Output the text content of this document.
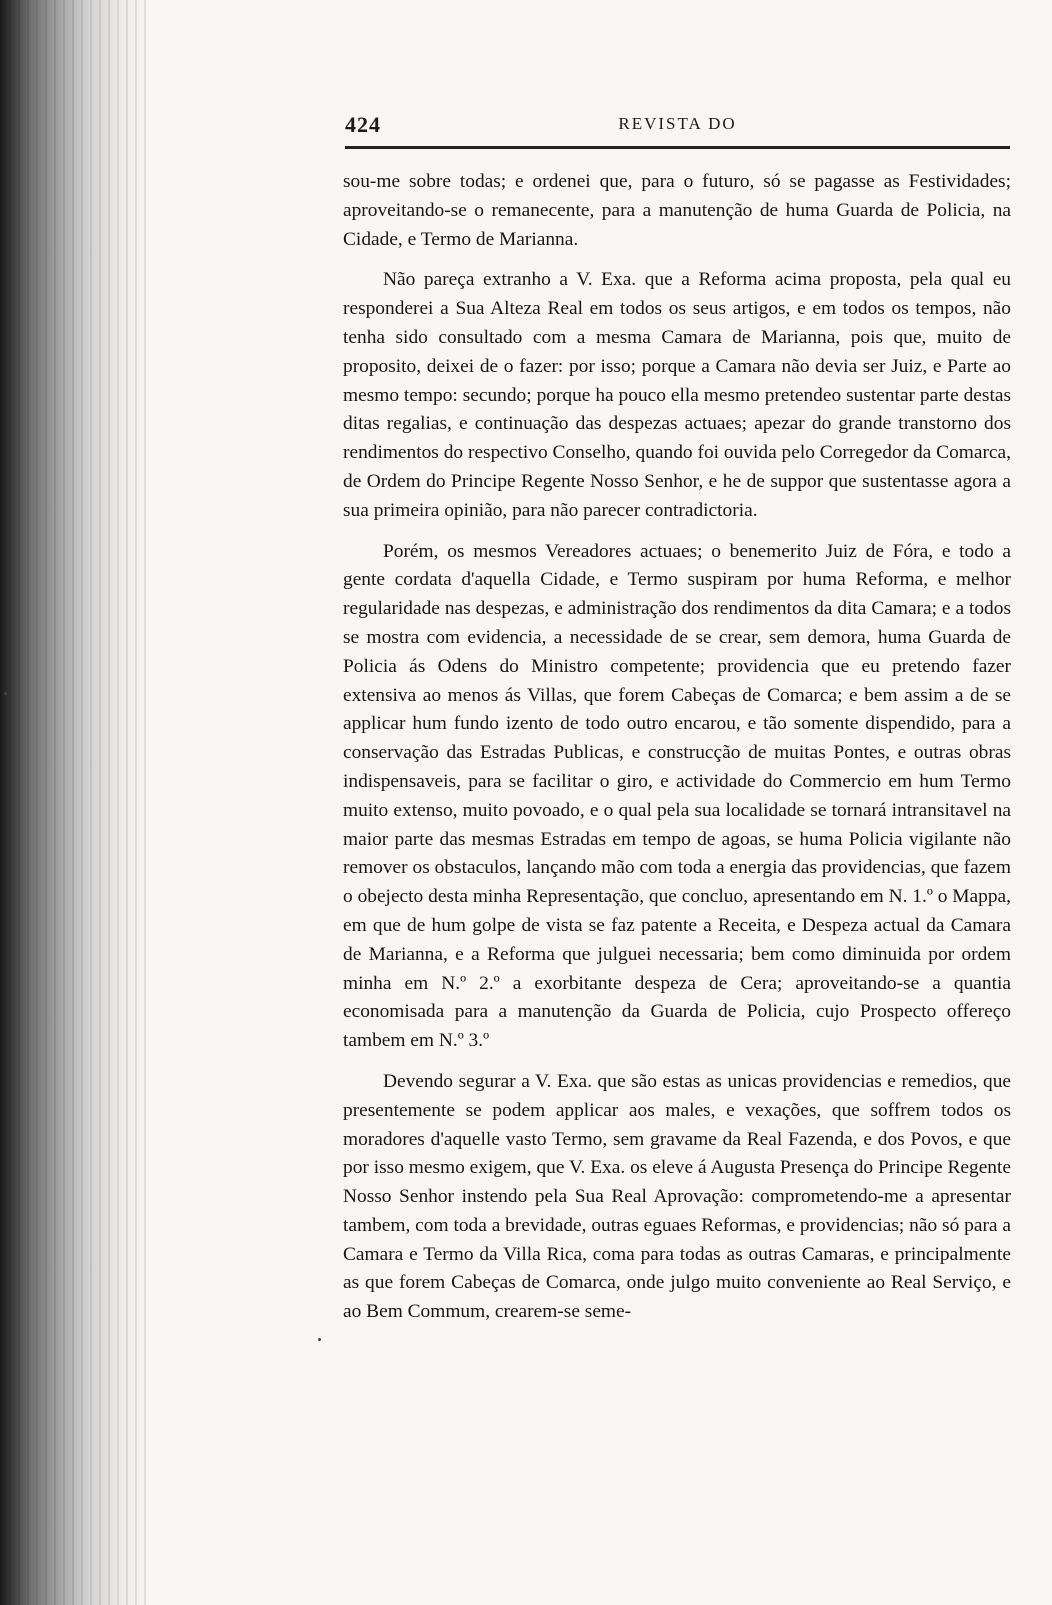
424	REVISTA DO

sou-me sobre todas; e ordenei que, para o futuro, só se pagasse as Festividades; aproveitando-se o remanecente, para a manutenção de huma Guarda de Policia, na Cidade, e Termo de Marianna.

Não pareça extranho a V. Exa. que a Reforma acima proposta, pela qual eu responderei a Sua Alteza Real em todos os seus artigos, e em todos os tempos, não tenha sido consultado com a mesma Camara de Marianna, pois que, muito de proposito, deixei de o fazer: por isso; porque a Camara não devia ser Juiz, e Parte ao mesmo tempo: secundo; porque ha pouco ella mesmo pretendeo sustentar parte destas ditas regalias, e continuação das despezas actuaes; apezar do grande transtorno dos rendimentos do respectivo Conselho, quando foi ouvida pelo Corregedor da Comarca, de Ordem do Principe Regente Nosso Senhor, e he de suppor que sustentasse agora a sua primeira opinião, para não parecer contradictoria.

Porém, os mesmos Vereadores actuaes; o benemerito Juiz de Fóra, e todo a gente cordata d'aquella Cidade, e Termo suspiram por huma Reforma, e melhor regularidade nas despezas, e administração dos rendimentos da dita Camara; e a todos se mostra com evidencia, a necessidade de se crear, sem demora, huma Guarda de Policia ás Odens do Ministro competente; providencia que eu pretendo fazer extensiva ao menos ás Villas, que forem Cabeças de Comarca; e bem assim a de se applicar hum fundo izento de todo outro encarou, e tão somente dispendido, para a conservação das Estradas Publicas, e construcção de muitas Pontes, e outras obras indispensaveis, para se facilitar o giro, e actividade do Commercio em hum Termo muito extenso, muito povoado, e o qual pela sua localidade se tornará intransitavel na maior parte das mesmas Estradas em tempo de agoas, se huma Policia vigilante não remover os obstaculos, lançando mão com toda a energia das providencias, que fazem o obejecto desta minha Representação, que concluo, apresentando em N. 1.º o Mappa, em que de hum golpe de vista se faz patente a Receita, e Despeza actual da Camara de Marianna, e a Reforma que julguei necessaria; bem como diminuida por ordem minha em N.º 2.º a exorbitante despeza de Cera; aproveitando-se a quantia economisada para a manutenção da Guarda de Policia, cujo Prospecto offereço tambem em N.º 3.º

Devendo segurar a V. Exa. que são estas as unicas providencias e remedios, que presentemente se podem applicar aos males, e vexações, que soffrem todos os moradores d'aquelle vasto Termo, sem gravame da Real Fazenda, e dos Povos, e que por isso mesmo exigem, que V. Exa. os eleve á Augusta Presença do Principe Regente Nosso Senhor instendo pela Sua Real Aprovação: comprometendo-me a apresentar tambem, com toda a brevidade, outras eguaes Reformas, e providencias; não só para a Camara e Termo da Villa Rica, coma para todas as outras Camaras, e principalmente as que forem Cabeças de Comarca, onde julgo muito conveniente ao Real Serviço, e ao Bem Commum, crearem-se seme-
